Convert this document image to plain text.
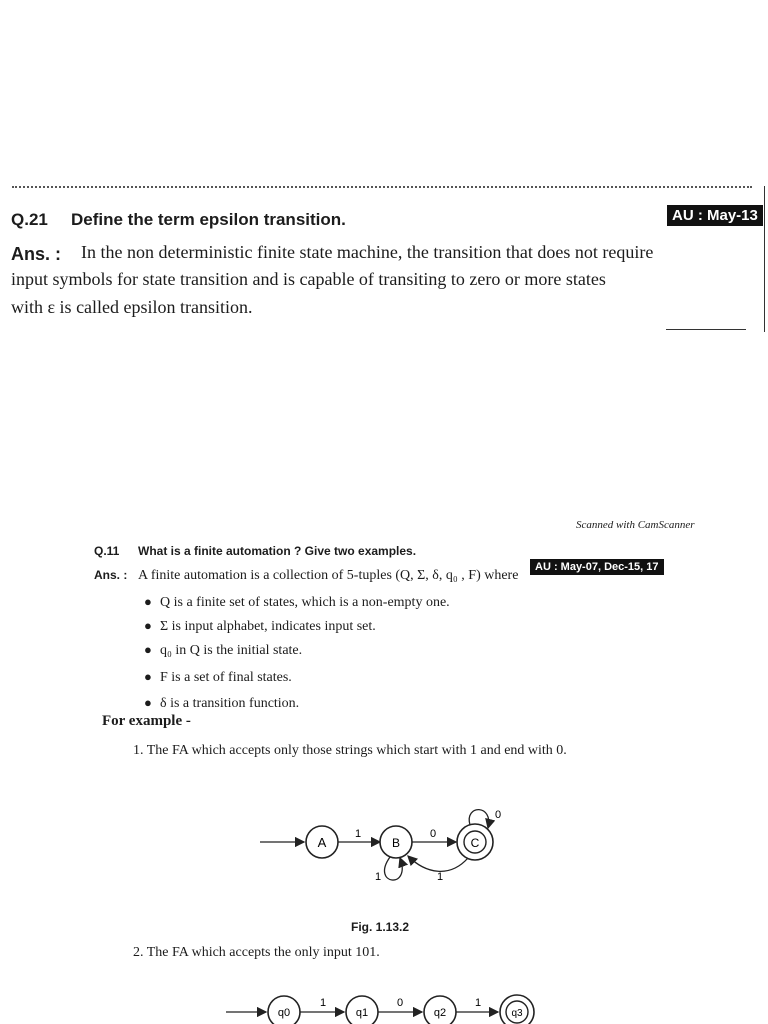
Q.21 Define the term epsilon transition.	AU : May-13
Ans. : In the non deterministic finite state machine, the transition that does not require
input symbols for state transition and is capable of transiting to zero or more states
with ε is called epsilon transition.
Scanned with CamScanner
Q.11 What is a finite automation ? Give two examples.
AU : May-07, Dec-15, 17
Ans. : A finite automation is a collection of 5-tuples (Q, Σ, δ, q₀ , F) where
● Q is a finite set of states, which is a non-empty one.
● Σ is input alphabet, indicates input set.
● q₀ in Q is the initial state.
● F is a set of final states.
● δ is a transition function.
For example -
1. The FA which accepts only those strings which start with 1 and end with 0.
A
1
B
0
C
1
0
1
Fig. 1.13.2
2. The FA which accepts the only input 101.
q0
1
q1
0
q2
1
q3
